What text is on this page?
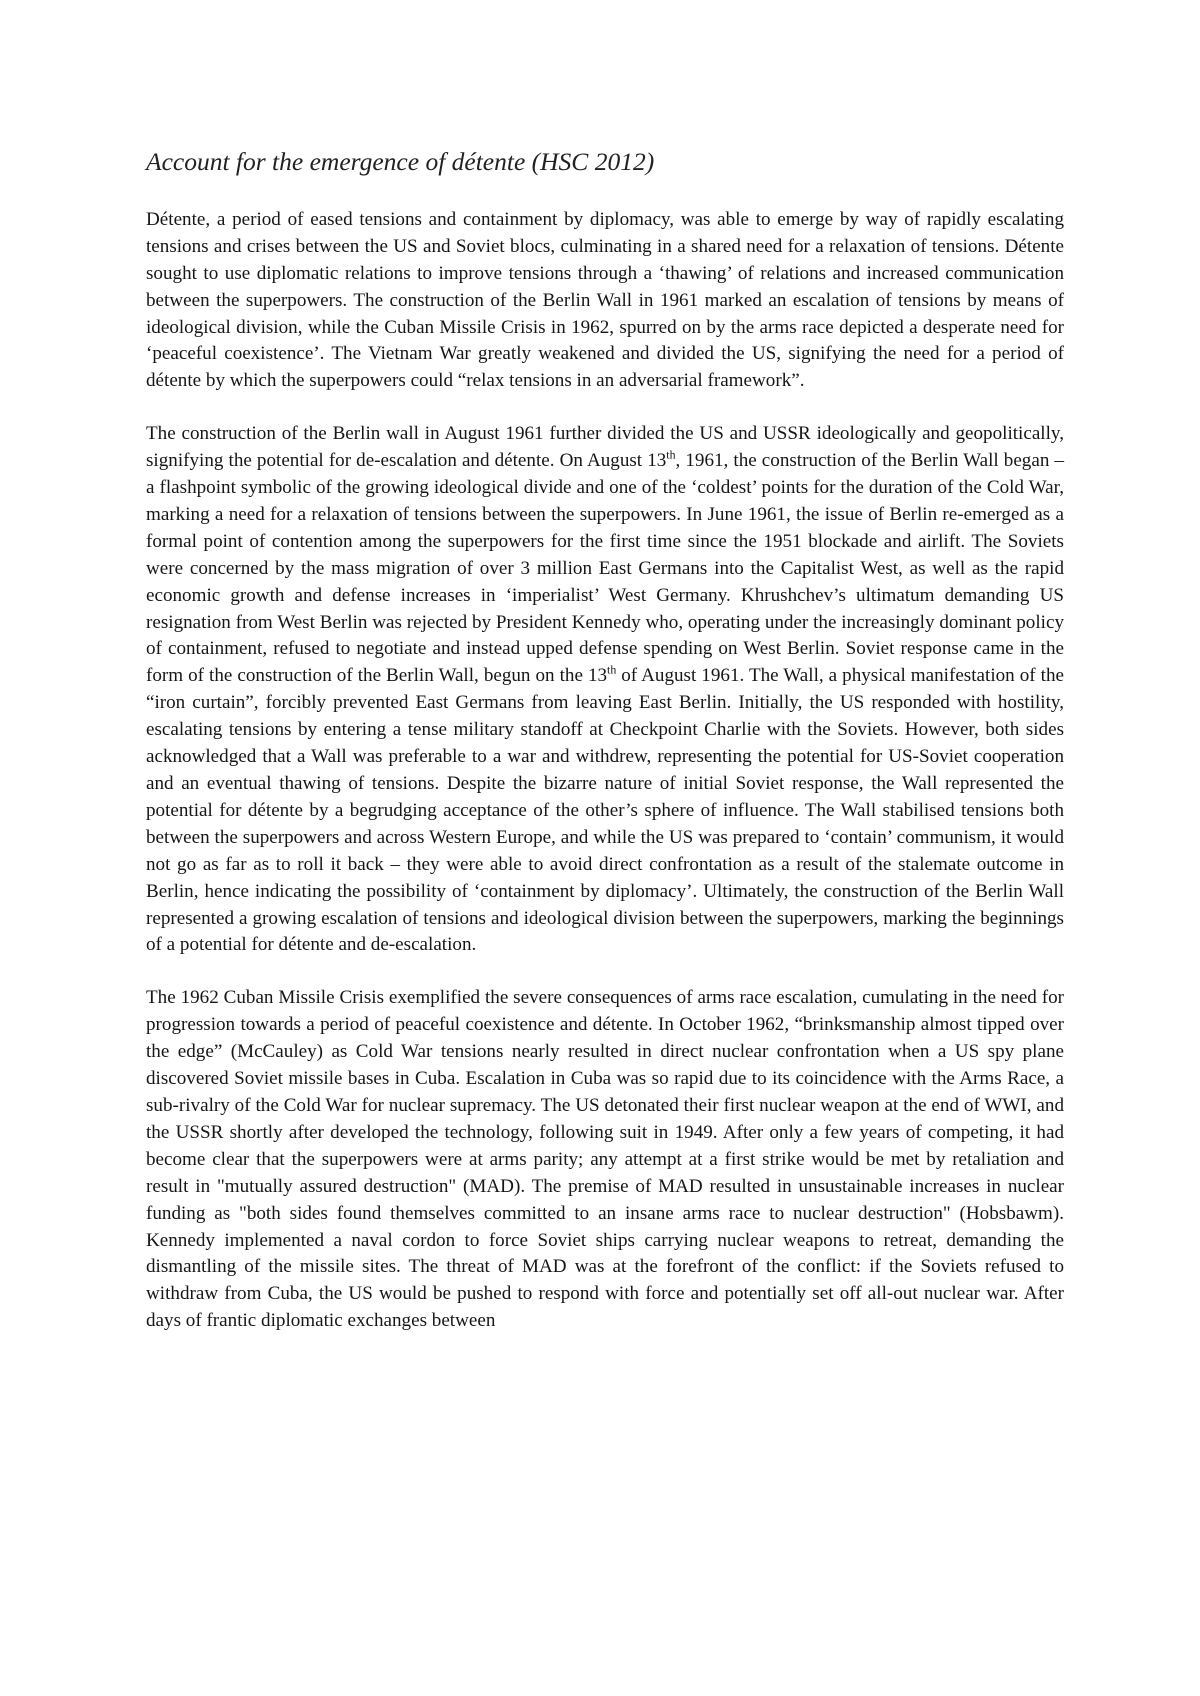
Account for the emergence of détente (HSC 2012)

Détente, a period of eased tensions and containment by diplomacy, was able to emerge by way of rapidly escalating tensions and crises between the US and Soviet blocs, culminating in a shared need for a relaxation of tensions. Détente sought to use diplomatic relations to improve tensions through a ‘thawing’ of relations and increased communication between the superpowers. The construction of the Berlin Wall in 1961 marked an escalation of tensions by means of ideological division, while the Cuban Missile Crisis in 1962, spurred on by the arms race depicted a desperate need for ‘peaceful coexistence’. The Vietnam War greatly weakened and divided the US, signifying the need for a period of détente by which the superpowers could “relax tensions in an adversarial framework”.

The construction of the Berlin wall in August 1961 further divided the US and USSR ideologically and geopolitically, signifying the potential for de-escalation and détente. On August 13th, 1961, the construction of the Berlin Wall began – a flashpoint symbolic of the growing ideological divide and one of the ‘coldest’ points for the duration of the Cold War, marking a need for a relaxation of tensions between the superpowers. In June 1961, the issue of Berlin re-emerged as a formal point of contention among the superpowers for the first time since the 1951 blockade and airlift. The Soviets were concerned by the mass migration of over 3 million East Germans into the Capitalist West, as well as the rapid economic growth and defense increases in ‘imperialist’ West Germany. Khrushchev’s ultimatum demanding US resignation from West Berlin was rejected by President Kennedy who, operating under the increasingly dominant policy of containment, refused to negotiate and instead upped defense spending on West Berlin. Soviet response came in the form of the construction of the Berlin Wall, begun on the 13th of August 1961. The Wall, a physical manifestation of the “iron curtain”, forcibly prevented East Germans from leaving East Berlin. Initially, the US responded with hostility, escalating tensions by entering a tense military standoff at Checkpoint Charlie with the Soviets. However, both sides acknowledged that a Wall was preferable to a war and withdrew, representing the potential for US-Soviet cooperation and an eventual thawing of tensions. Despite the bizarre nature of initial Soviet response, the Wall represented the potential for détente by a begrudging acceptance of the other’s sphere of influence. The Wall stabilised tensions both between the superpowers and across Western Europe, and while the US was prepared to ‘contain’ communism, it would not go as far as to roll it back – they were able to avoid direct confrontation as a result of the stalemate outcome in Berlin, hence indicating the possibility of ‘containment by diplomacy’. Ultimately, the construction of the Berlin Wall represented a growing escalation of tensions and ideological division between the superpowers, marking the beginnings of a potential for détente and de-escalation.

The 1962 Cuban Missile Crisis exemplified the severe consequences of arms race escalation, cumulating in the need for progression towards a period of peaceful coexistence and détente. In October 1962, “brinksmanship almost tipped over the edge” (McCauley) as Cold War tensions nearly resulted in direct nuclear confrontation when a US spy plane discovered Soviet missile bases in Cuba. Escalation in Cuba was so rapid due to its coincidence with the Arms Race, a sub-rivalry of the Cold War for nuclear supremacy. The US detonated their first nuclear weapon at the end of WWI, and the USSR shortly after developed the technology, following suit in 1949. After only a few years of competing, it had become clear that the superpowers were at arms parity; any attempt at a first strike would be met by retaliation and result in "mutually assured destruction" (MAD). The premise of MAD resulted in unsustainable increases in nuclear funding as "both sides found themselves committed to an insane arms race to nuclear destruction" (Hobsbawm). Kennedy implemented a naval cordon to force Soviet ships carrying nuclear weapons to retreat, demanding the dismantling of the missile sites. The threat of MAD was at the forefront of the conflict: if the Soviets refused to withdraw from Cuba, the US would be pushed to respond with force and potentially set off all-out nuclear war. After days of frantic diplomatic exchanges between
